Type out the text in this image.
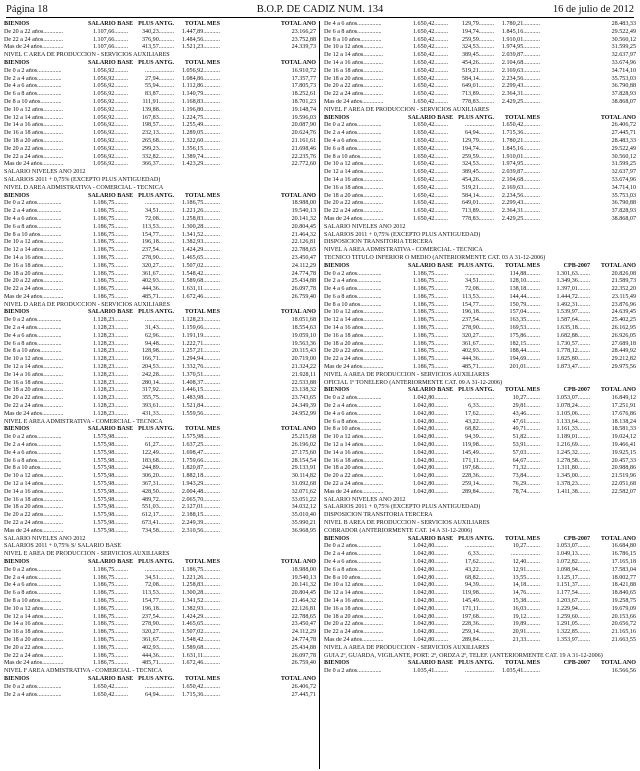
Página 18	B.O.P. DE CADIZ NUM. 134	16 de julio de 2012
BIENIOS	SALARIO BASE PLUS ANTG.	TOTAL MES	TOTAL AÑO
De 20 a 22 años.............	1.107,66.........	340,23..........	1.447,89...........	23.166,27
De 22 a 24 años.............	1.107,66.........	376,90..........	1.484,56...........	23.752,88
Mas de 24 años..............	1.107,66.........	413,57..........	1.521,23...........	24.339,73
NIVEL C AREA DE PRODUCCION - SERVICIOS AUXILIARES
BIENIOS	SALARIO BASE PLUS ANTG.	TOTAL MES	TOTAL AÑO
De 0 a 2 años................	1.056,92.........	...................	1.056,92...........	16.910,72
De 2 a 4 años................	1.056,92.........	27,94..........	1.084,86...........	17.357,77
De 4 a 6 años................	1.056,92.........	55,94..........	1.112,86...........	17.805,73
De 6 a 8 años................	1.056,92.........	83,87..........	1.140,79...........	18.252,61
De 8 a 10 años..............	1.056,92.........	111,91..........	1.168,83...........	18.701,23
De 10 a 12 años.............	1.056,92.........	139,88..........	1.196,80...........	19.148,74
De 12 a 14 años.............	1.056,92.........	167,83..........	1.224,75...........	19.596,03
De 14 a 16 años.............	1.056,92.........	198,57..........	1.255,49...........	20.087,90
De 16 a 18 años.............	1.056,92.........	232,13..........	1.289,05...........	20.624,76
De 18 a 20 años.............	1.056,92.........	265,68..........	1.322,60...........	21.161,61
De 20 a 22 años.............	1.056,92.........	299,23..........	1.356,15...........	21.698,46
De 22 a 24 años.............	1.056,92.........	332,82..........	1.389,74...........	22.235,76
Mas de 24 años..............	1.056,92.........	366,37..........	1.423,29...........	22.772,60
SALARIO NIVELES AÑO 2012
SALARIOS 2011 + 0,75% (EXCEPTO PLUS ANTIGUEDAD)
NIVEL D AREA ADMISTRATIVA - COMERCIAL - TECNICA
BIENIOS	SALARIO BASE PLUS ANTG.	TOTAL MES	TOTAL AÑO
De 0 a 2 años................	1.186,75.........	...................	1.186,75...........	18.988,00
De 2 a 4 años................	1.186,75.........	34,51..........	1.221,26...........	19.540,13
De 4 a 6 años................	1.186,75.........	72,08..........	1.258,83...........	20.141,32
De 6 a 8 años................	1.186,75.........	113,53..........	1.300,28...........	20.804,45
De 8 a 10 años..............	1.186,75.........	154,77..........	1.341,52...........	21.464,32
De 10 a 12 años.............	1.186,75.........	196,18..........	1.382,93...........	22.126,81
De 12 a 14 años.............	1.186,75.........	237,54..........	1.424,29...........	22.788,65
De 14 a 16 años.............	1.186,75.........	278,90..........	1.465,65...........	23.450,47
De 16 a 18 años.............	1.186,75.........	320,27..........	1.507,02...........	24.112,29
De 18 a 20 años.............	1.186,75.........	361,67..........	1.548,42...........	24.774,78
De 20 a 22 años.............	1.186,75.........	402,93..........	1.589,68...........	25.434,88
De 22 a 24 años.............	1.186,75.........	444,36..........	1.631,11...........	26.097,78
Mas de 24 años..............	1.186,75.........	485,71..........	1.672,46...........	26.759,40
NIVEL D AREA DE PRODUCCION - SERVICIOS AUXILIARES
BIENIOS	SALARIO BASE PLUS ANTG.	TOTAL MES	TOTAL AÑO
De 0 a 2 años................	1.128,23.........	...................	1.128,23...........	18.051,68
De 2 a 4 años................	1.128,23.........	31,43..........	1.159,66...........	18.554,63
De 4 a 6 años................	1.128,23.........	62,96..........	1.191,19...........	19.059,10
De 6 a 8 años................	1.128,23.........	94,48..........	1.222,71...........	19.563,36
De 8 a 10 años..............	1.128,23.........	128,98..........	1.257,21...........	20.115,43
De 10 a 12 años.............	1.128,23.........	166,71..........	1.294,94...........	20.719,00
De 12 a 14 años.............	1.128,23.........	204,53..........	1.332,76...........	21.324,22
De 14 a 16 años.............	1.128,23.........	242,28..........	1.370,51...........	21.928,11
De 16 a 18 años.............	1.128,23.........	280,14..........	1.408,37...........	22.533,88
De 18 a 20 años.............	1.128,23.........	317,92..........	1.446,15...........	23.138,32
De 20 a 22 años.............	1.128,23.........	355,75..........	1.483,98...........	23.743,65
De 22 a 24 años.............	1.128,23.........	393,61..........	1.521,84...........	24.349,39
Mas de 24 años..............	1.128,23.........	431,33..........	1.559,56...........	24.952,99
NIVEL E AREA ADMISTRATIVA - COMERCIAL - TECNICA
BIENIOS	SALARIO BASE PLUS ANTG.	TOTAL MES	TOTAL AÑO
De 0 a 2 años................	1.575,98.........	...................	1.575,98...........	25.215,68
De 2 a 4 años................	1.575,98.........	61,27..........	1.637,25...........	26.196,02
De 4 a 6 años................	1.575,98.........	122,49..........	1.698,47...........	27.175,60
De 6 a 8 años................	1.575,98.........	183,68..........	1.759,66...........	28.154,54
De 8 a 10 años..............	1.575,98.........	244,89..........	1.820,87...........	29.133,91
De 10 a 12 años.............	1.575,98.........	306,20..........	1.882,18...........	30.114,82
De 12 a 14 años.............	1.575,98.........	367,31..........	1.943,29...........	31.092,68
De 14 a 16 años.............	1.575,98.........	428,50..........	2.004,48...........	32.071,62
De 16 a 18 años.............	1.575,98.........	489,72..........	2.065,70...........	33.051,22
De 18 a 20 años.............	1.575,98.........	551,03..........	2.127,01...........	34.032,12
De 20 a 22 años.............	1.575,98.........	612,17..........	2.188,15...........	35.010,40
De 22 a 24 años.............	1.575,98.........	673,41..........	2.249,39...........	35.990,21
Mas de 24 años..............	1.575,98.........	734,58..........	2.310,56...........	36.968,95
SALARIO NIVELES AÑO 2012
SALARIOS 2011 + 0,75% S/ SALARIO BASE
NIVEL E AREA DE PRODUCCION - SERVICIOS AUXILIARES
BIENIOS	SALARIO BASE PLUS ANTG.	TOTAL MES	TOTAL AÑO
De 0 a 2 años................	1.186,75.........	...................	1.186,75...........	18.988,00
De 2 a 4 años................	1.186,75.........	34,51..........	1.221,26...........	19.540,13
De 4 a 6 años................	1.186,75.........	72,08..........	1.258,83...........	20.141,32
De 6 a 8 años................	1.186,75.........	113,53..........	1.300,28...........	20.804,45
De 8 a 10 años..............	1.186,75.........	154,77..........	1.341,52...........	21.464,32
De 10 a 12 años.............	1.186,75.........	196,18..........	1.382,93...........	22.126,81
De 12 a 14 años.............	1.186,75.........	237,54..........	1.424,29...........	22.788,65
De 14 a 16 años.............	1.186,75.........	278,90..........	1.465,65...........	23.450,47
De 16 a 18 años.............	1.186,75.........	320,27..........	1.507,02...........	24.112,29
De 18 a 20 años.............	1.186,75.........	361,67..........	1.548,42...........	24.774,78
De 20 a 22 años.............	1.186,75.........	402,93..........	1.589,68...........	25.434,88
De 22 a 24 años.............	1.186,75.........	444,36..........	1.631,11...........	26.097,78
Mas de 24 años..............	1.186,75.........	485,71..........	1.672,46...........	26.759,40
NIVEL F AREA ADMISTRATIVA - COMERCIAL - TECNICA
BIENIOS	SALARIO BASE PLUS ANTG.	TOTAL MES	TOTAL AÑO
De 0 a 2 años................	1.650,42.........	...................	1.650,42...........	26.406,72
De 2 a 4 años................	1.650,42.........	64,94..........	1.715,36...........	27.445,71
De 4 a 6 años................	1.650,42.........	129,79..........	1.780,21...........	28.483,33
De 6 a 8 años................	1.650,42.........	194,74..........	1.845,16...........	29.522,49
De 8 a 10 años..............	1.650,42.........	259,59..........	1.910,01...........	30.560,12
De 10 a 12 años.............	1.650,42.........	324,53..........	1.974,95...........	31.599,25
De 12 a 14 años.............	1.650,42.........	389,45..........	2.039,87...........	32.637,97
De 14 a 16 años.............	1.650,42.........	454,26..........	2.104,68...........	33.674,96
De 16 a 18 años.............	1.650,42.........	519,21..........	2.169,63...........	34.714,10
De 18 a 20 años.............	1.650,42.........	584,14..........	2.234,56...........	35.753,03
De 20 a 22 años.............	1.650,42.........	649,01..........	2.299,43...........	36.790,88
De 22 a 24 años.............	1.650,42.........	713,89..........	2.364,31...........	37.828,93
Mas de 24 años..............	1.650,42.........	778,83..........	2.429,25...........	38.868,07
NIVEL F AREA DE PRODUCCION - SERVICIOS AUXILIARES
BIENIOS	SALARIO BASE PLUS ANTG.	TOTAL MES	TOTAL AÑO
De 0 a 2 años................	1.650,42.........	...................	1.650,42...........	26.406,72
De 2 a 4 años................	1.650,42.........	64,94..........	1.715,36...........	27.445,71
De 4 a 6 años................	1.650,42.........	129,79..........	1.780,21...........	28.483,33
De 6 a 8 años................	1.650,42.........	194,74..........	1.845,16...........	29.522,49
De 8 a 10 años..............	1.650,42.........	259,59..........	1.910,01...........	30.560,12
De 10 a 12 años.............	1.650,42.........	324,53..........	1.974,95...........	31.599,25
De 12 a 14 años.............	1.650,42.........	389,45..........	2.039,87...........	32.637,97
De 14 a 16 años.............	1.650,42.........	454,26..........	2.104,68...........	33.674,96
De 16 a 18 años.............	1.650,42.........	519,21..........	2.169,63...........	34.714,10
De 18 a 20 años.............	1.650,42.........	584,14..........	2.234,56...........	35.753,03
De 20 a 22 años.............	1.650,42.........	649,01..........	2.299,43...........	36.790,88
De 22 a 24 años.............	1.650,42.........	713,89..........	2.364,31...........	37.828,93
Mas de 24 años..............	1.650,42.........	778,83..........	2.429,25...........	38.868,07
SALARIO NIVELES AÑO 2012
SALARIOS 2011 + 0,75% (EXCEPTO PLUS ANTIGUEDAD)
DISPOSICION TRANSITORIA TERCERA
NIVEL A AREA ADMISTRATIVA - COMERCIAL - TECNICA
TECNICO TITULO INFERIOR O MEDIO (ANTERIORMENTE CAT. 03 A 31-12-2006)
BIENIOS	SALARIO BASE PLUS ANTG.	TOTAL MES	CPB-2007	TOTAL AÑO
De 0 a 2 años................	1.186,75.........	...................	114,88.........	1.301,63........	20.826,08
De 2 a 4 años................	1.186,75.........	34,51..........	128,10.........	1.349,36........	21.589,73
De 4 a 6 años................	1.186,75.........	72,08..........	138,18.........	1.397,01........	22.352,20
De 6 a 8 años................	1.186,75.........	113,53..........	144,44.........	1.444,72........	23.115,49
De 8 a 10 años..............	1.186,75.........	154,77..........	150,79.........	1.492,31........	23.876,96
De 10 a 12 años.............	1.186,75.........	196,18..........	157,04.........	1.539,97........	24.639,45
De 12 a 14 años.............	1.186,75.........	237,54..........	163,35.........	1.587,64........	25.402,25
De 14 a 16 años.............	1.186,75.........	278,90..........	169,53.........	1.635,18........	26.162,95
De 16 a 18 años.............	1.186,75.........	320,27..........	175,86.........	1.682,88........	26.926,05
De 18 a 20 años.............	1.186,75.........	361,67..........	182,15.........	1.730,57........	27.689,18
De 20 a 22 años.............	1.186,75.........	402,93..........	188,44.........	1.778,12........	28.449,92
De 22 a 24 años.............	1.186,75.........	444,36..........	194,69.........	1.825,80........	29.212,82
Mas de 24 años..............	1.186,75.........	485,71..........	201,01.........	1.873,47........	29.975,56
NIVEL A AREA DE PRODUCCION - SERVICIOS AUXILIARES
OFICIAL 1º TONELERO (ANTERIORMENTE CAT. 09 A 31-12-2006)
BIENIOS	SALARIO BASE PLUS ANTG.	TOTAL MES	CPB-2007	TOTAL AÑO
De 0 a 2 años................	1.042,80.........	...................	10,27.........	1.053,07........	16.849,12
De 2 a 4 años................	1.042,80.........	6,33..........	29,81.........	1.078,24........	17.251,91
De 4 a 6 años................	1.042,80.........	17,62..........	43,46.........	1.105,06........	17.676,86
De 6 a 8 años................	1.042,80.........	43,22..........	47,61.........	1.133,64........	18.138,24
De 8 a 10 años..............	1.042,80.........	68,82..........	49,71.........	1.161,33........	18.581,33
De 10 a 12 años.............	1.042,80.........	94,39..........	51,82.........	1.189,01........	19.024,12
De 12 a 14 años.............	1.042,80.........	119,98..........	53,91.........	1.216,69........	19.466,41
De 14 a 16 años.............	1.042,80.........	145,49..........	57,03.........	1.245,32........	19.925,15
De 16 a 18 años.............	1.042,80.........	171,11..........	64,67.........	1.278,58........	20.457,33
De 18 a 20 años.............	1.042,80.........	197,68..........	71,32.........	1.311,80........	20.988,86
De 20 a 22 años.............	1.042,80.........	228,36..........	73,84.........	1.345,00........	21.519,96
De 22 a 24 años.............	1.042,80.........	259,14..........	76,29.........	1.378,23........	22.051,68
Mas de 24 años..............	1.042,80.........	289,84..........	78,74.........	1.411,38........	22.582,07
SALARIO NIVELES AÑO 2012
SALARIOS 2011 + 0,75% (EXCEPTO PLUS ANTIGUEDAD)
DISPOSICION TRANSITORIA TERCERA
NIVEL B AREA DE PRODUCCION - SERVICIOS AUXILIARES
COBRADOR (ANTERIORMENTE CAT. 14 A 31-12-2006)
BIENIOS	SALARIO BASE PLUS ANTG.	TOTAL MES	CPB-2007	TOTAL AÑO
De 0 a 2 años................	1.042,80.........	...................	10,27.........	1.053,07........	16.684,80
De 2 a 4 años................	1.042,80.........	6,33..........	...................	1.049,13........	16.786,15
De 4 a 6 años................	1.042,80.........	17,62..........	12,40.........	1.072,82........	17.165,18
De 6 a 8 años................	1.042,80.........	43,22..........	12,91.........	1.098,94........	17.583,04
De 8 a 10 años..............	1.042,80.........	68,82..........	13,55.........	1.125,17........	18.002,77
De 10 a 12 años.............	1.042,80.........	94,39..........	14,18.........	1.151,37........	18.421,88
De 12 a 14 años.............	1.042,80.........	119,98..........	14,76.........	1.177,54........	18.840,65
De 14 a 16 años.............	1.042,80.........	145,49..........	15,38.........	1.203,67........	19.258,75
De 16 a 18 años.............	1.042,80.........	171,11..........	16,03.........	1.229,94........	19.679,09
De 18 a 20 años.............	1.042,80.........	197,68..........	19,12.........	1.259,60........	20.153,66
De 20 a 22 años.............	1.042,80.........	228,36..........	19,89.........	1.291,05........	20.656,72
De 22 a 24 años.............	1.042,80.........	259,14..........	20,91.........	1.322,85........	21.165,16
Mas de 24 años..............	1.042,80.........	289,84..........	21,33.........	1.353,97........	21.663,55
NIVEL A AREA DE PRODUCCION - SERVICIOS AUXILIARES
GUIA 2º, GUARDA, VIGILANTE, PORT. 2º, ORDZA 2º, TELEF. (ANTERIORMENTE CAT. 19 A 31-12-2006)
BIENIOS	SALARIO BASE PLUS ANTG.	TOTAL MES	CPB-2007	TOTAL AÑO
De 0 a 2 años................	1.035,41.........	...................	1.035,41...........	16.566,56
